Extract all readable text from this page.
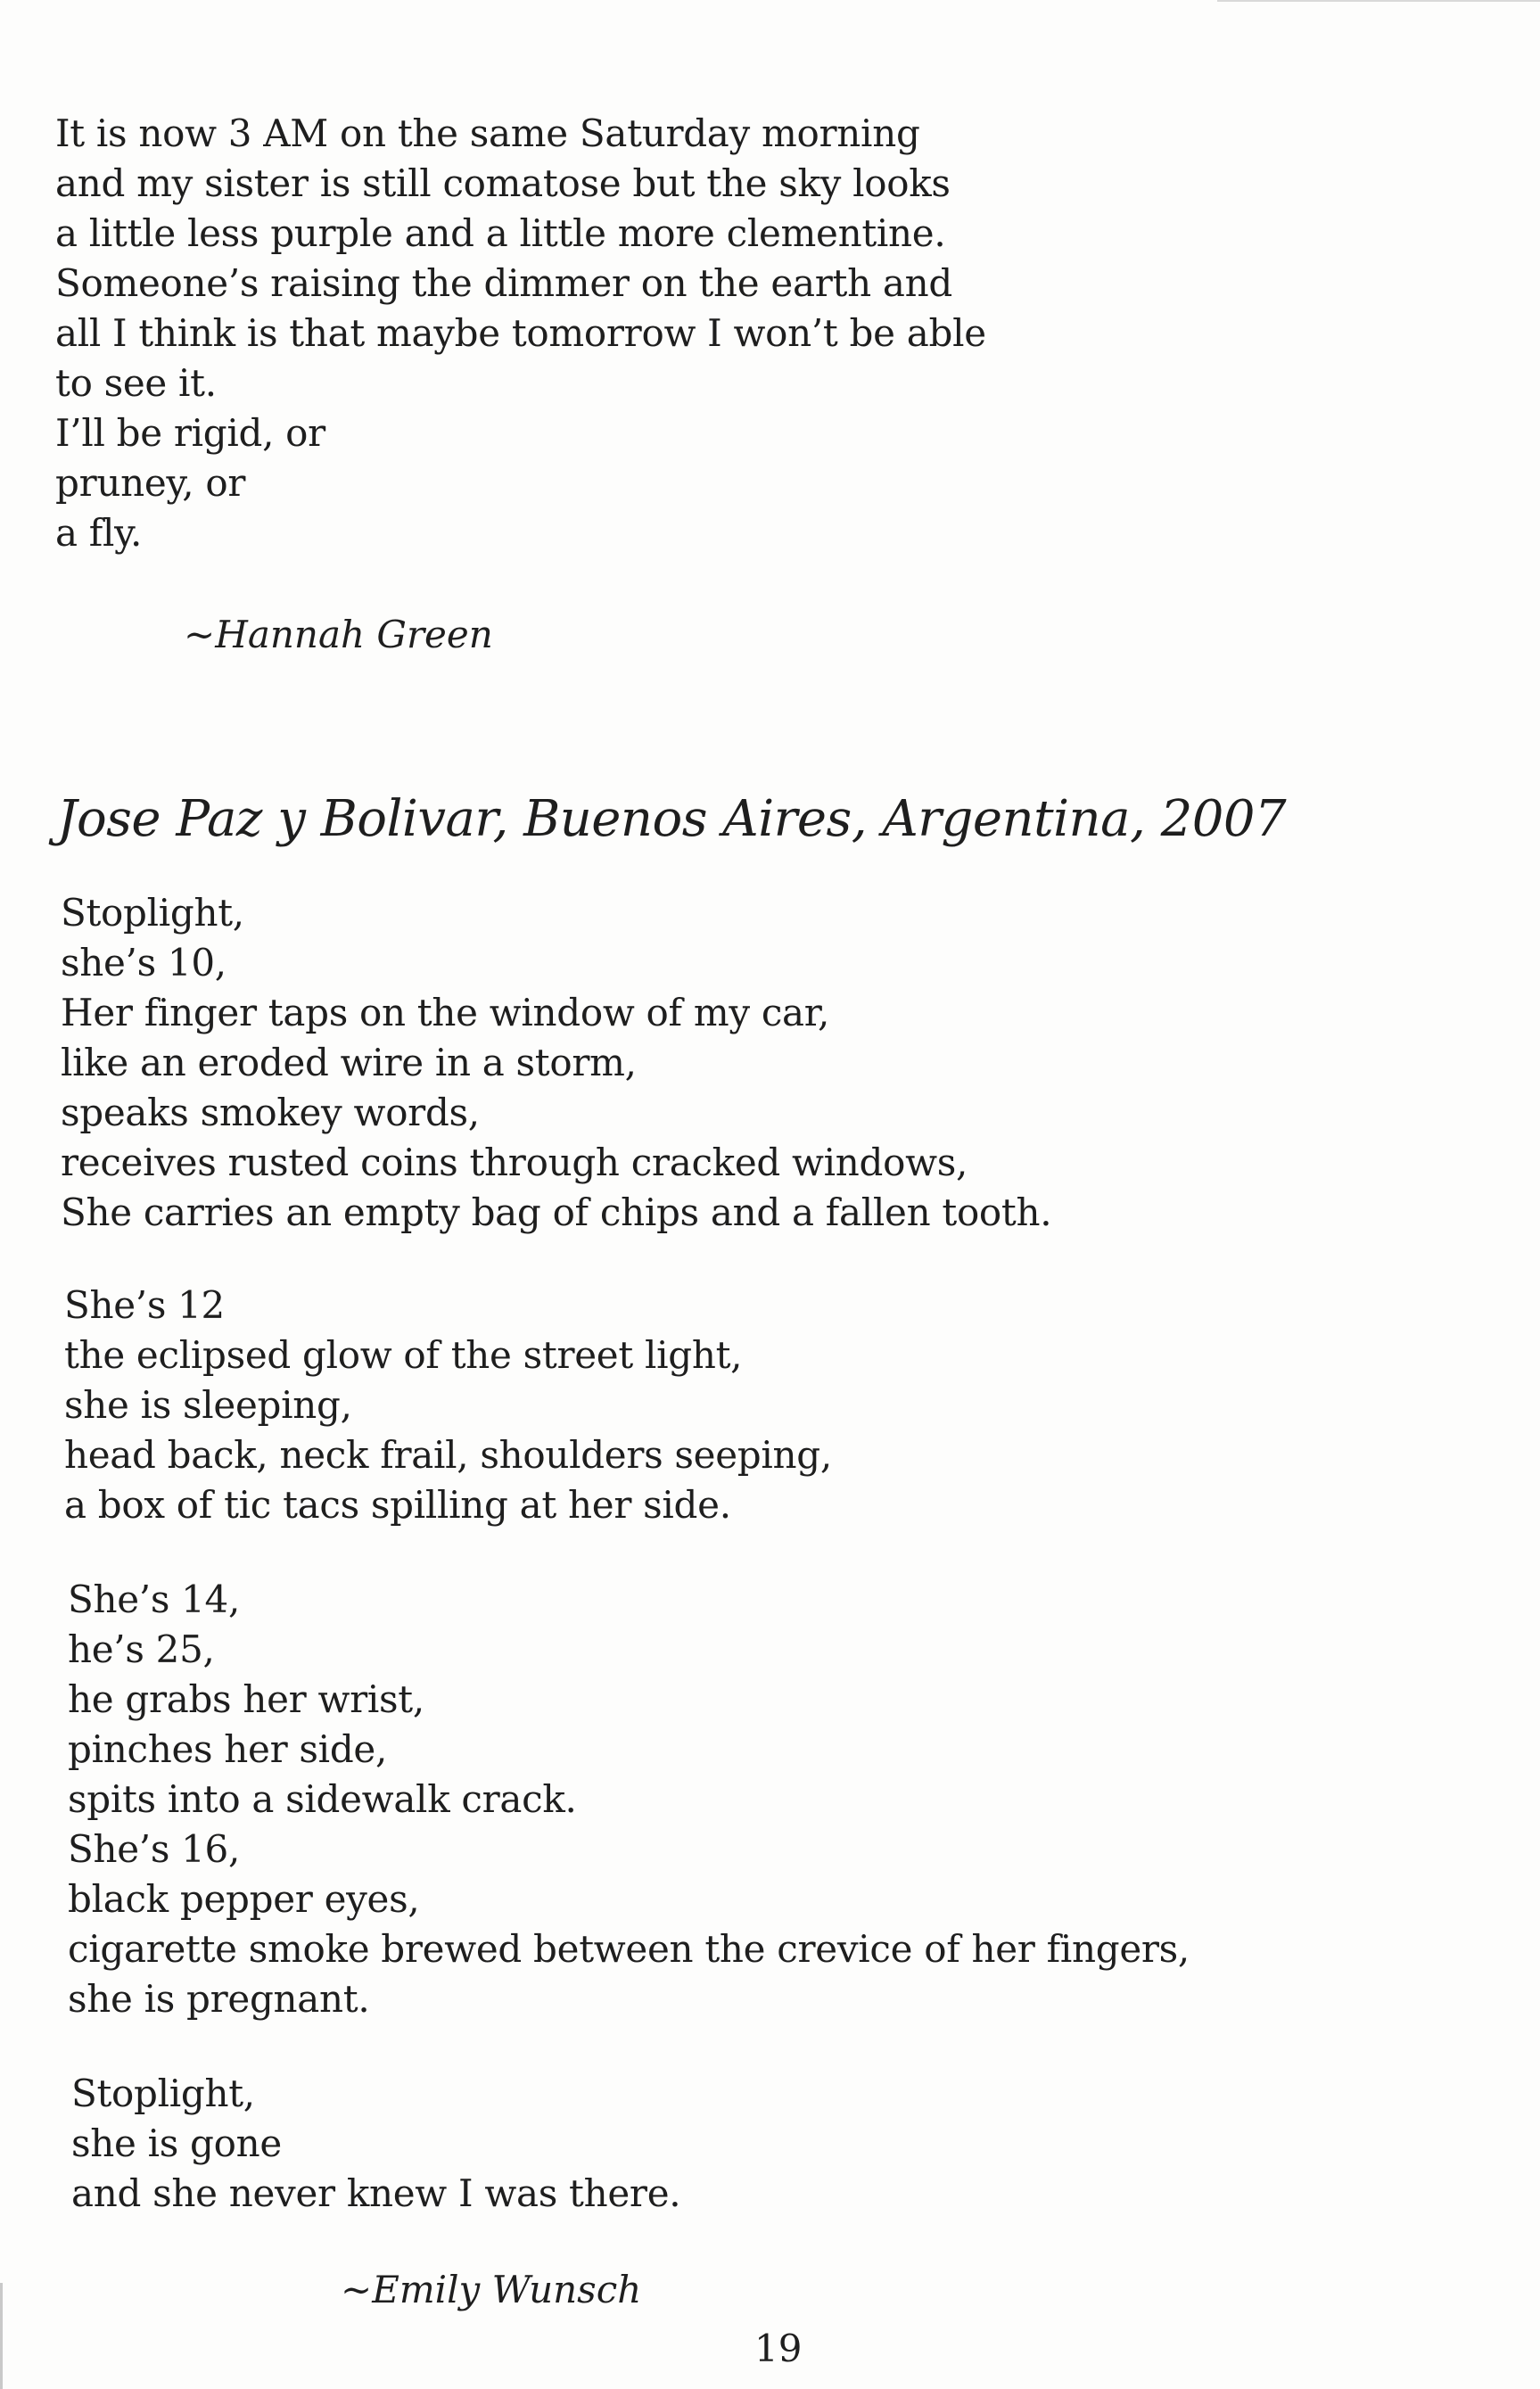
It is now 3 AM on the same Saturday morning
and my sister is still comatose but the sky looks
a little less purple and a little more clementine.
Someone’s raising the dimmer on the earth and
all I think is that maybe tomorrow I won’t be able
to see it.
I’ll be rigid, or
pruney, or
a fly.
~Hannah Green
Jose Paz y Bolivar, Buenos Aires, Argentina, 2007
Stoplight,
she’s 10,
Her finger taps on the window of my car,
like an eroded wire in a storm,
speaks smokey words,
receives rusted coins through cracked windows,
She carries an empty bag of chips and a fallen tooth.
She’s 12
the eclipsed glow of the street light,
she is sleeping,
head back, neck frail, shoulders seeping,
a box of tic tacs spilling at her side.
She’s 14,
he’s 25,
he grabs her wrist,
pinches her side,
spits into a sidewalk crack.
She’s 16,
black pepper eyes,
cigarette smoke brewed between the crevice of her fingers,
she is pregnant.
Stoplight,
she is gone
and she never knew I was there.
~Emily Wunsch
19
